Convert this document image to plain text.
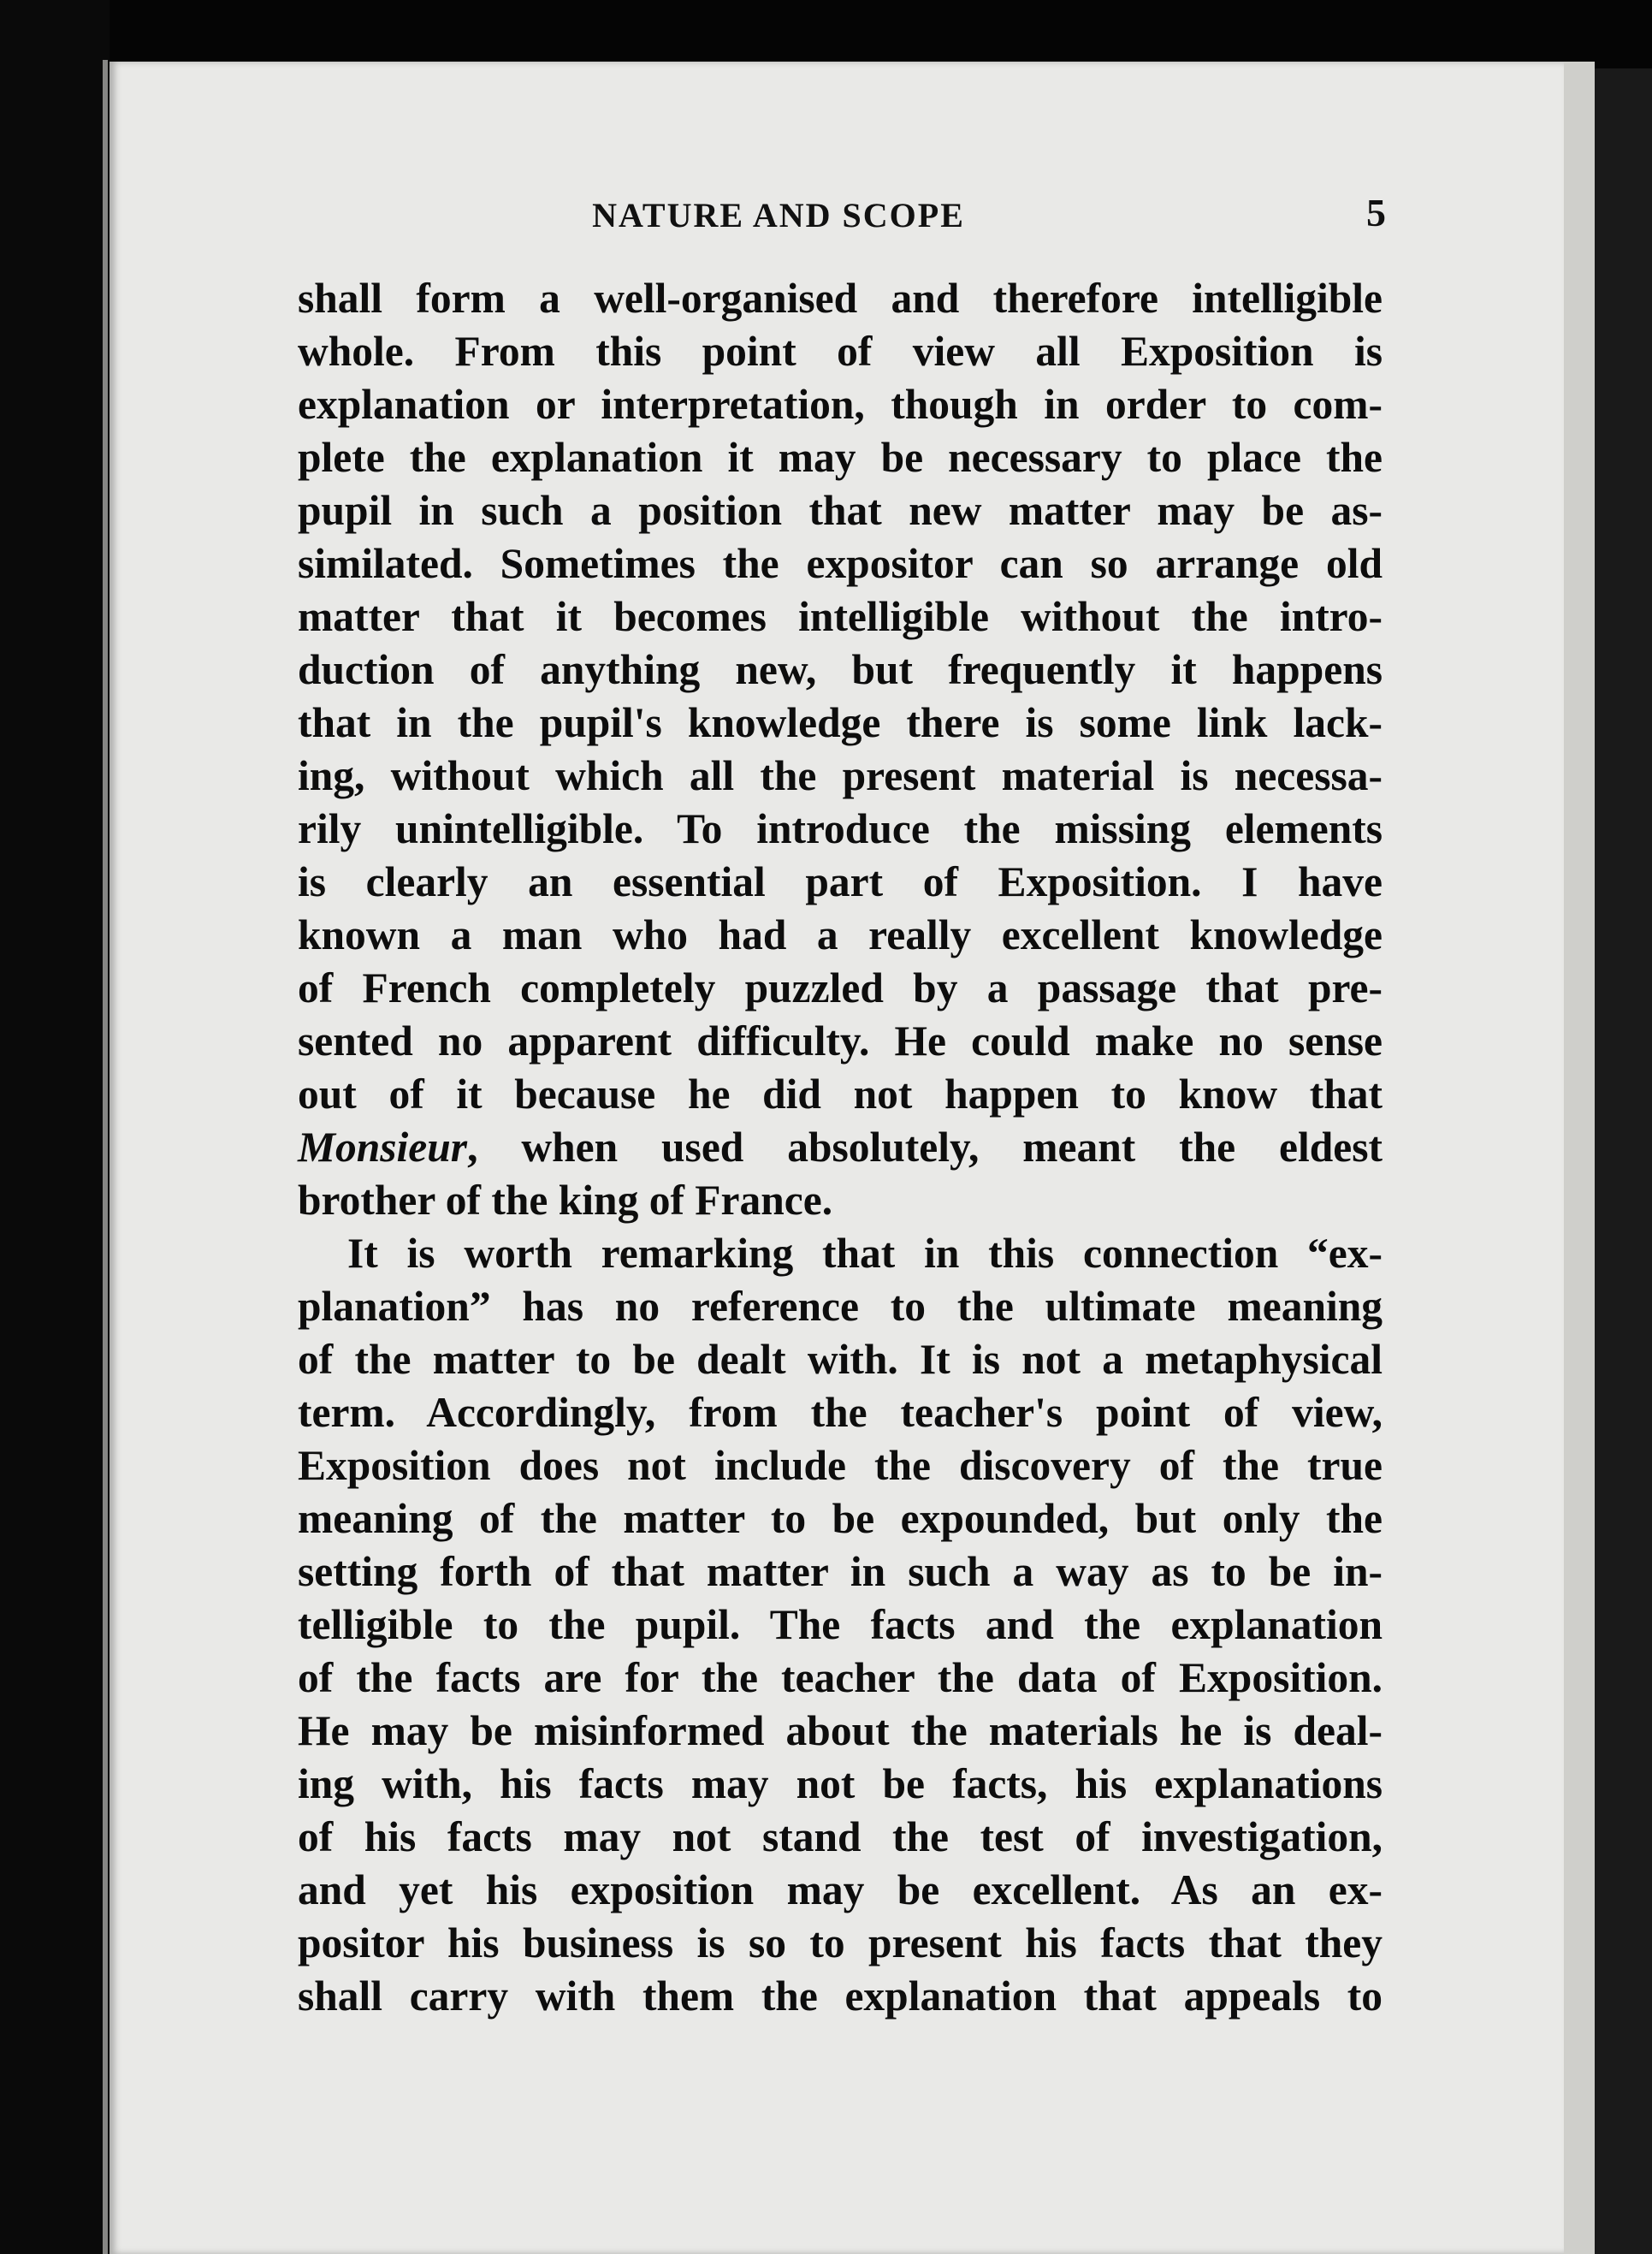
NATURE AND SCOPE	5
shall form a well-organised and therefore intelligible
whole. From this point of view all Exposition is
explanation or interpretation, though in order to com-
plete the explanation it may be necessary to place the
pupil in such a position that new matter may be as-
similated. Sometimes the expositor can so arrange old
matter that it becomes intelligible without the intro-
duction of anything new, but frequently it happens
that in the pupil's knowledge there is some link lack-
ing, without which all the present material is necessa-
rily unintelligible. To introduce the missing elements
is clearly an essential part of Exposition. I have
known a man who had a really excellent knowledge
of French completely puzzled by a passage that pre-
sented no apparent difficulty. He could make no sense
out of it because he did not happen to know that
Monsieur, when used absolutely, meant the eldest
brother of the king of France.
It is worth remarking that in this connection “ex-
planation” has no reference to the ultimate meaning
of the matter to be dealt with. It is not a metaphysical
term. Accordingly, from the teacher's point of view,
Exposition does not include the discovery of the true
meaning of the matter to be expounded, but only the
setting forth of that matter in such a way as to be in-
telligible to the pupil. The facts and the explanation
of the facts are for the teacher the data of Exposition.
He may be misinformed about the materials he is deal-
ing with, his facts may not be facts, his explanations
of his facts may not stand the test of investigation,
and yet his exposition may be excellent. As an ex-
positor his business is so to present his facts that they
shall carry with them the explanation that appeals to
